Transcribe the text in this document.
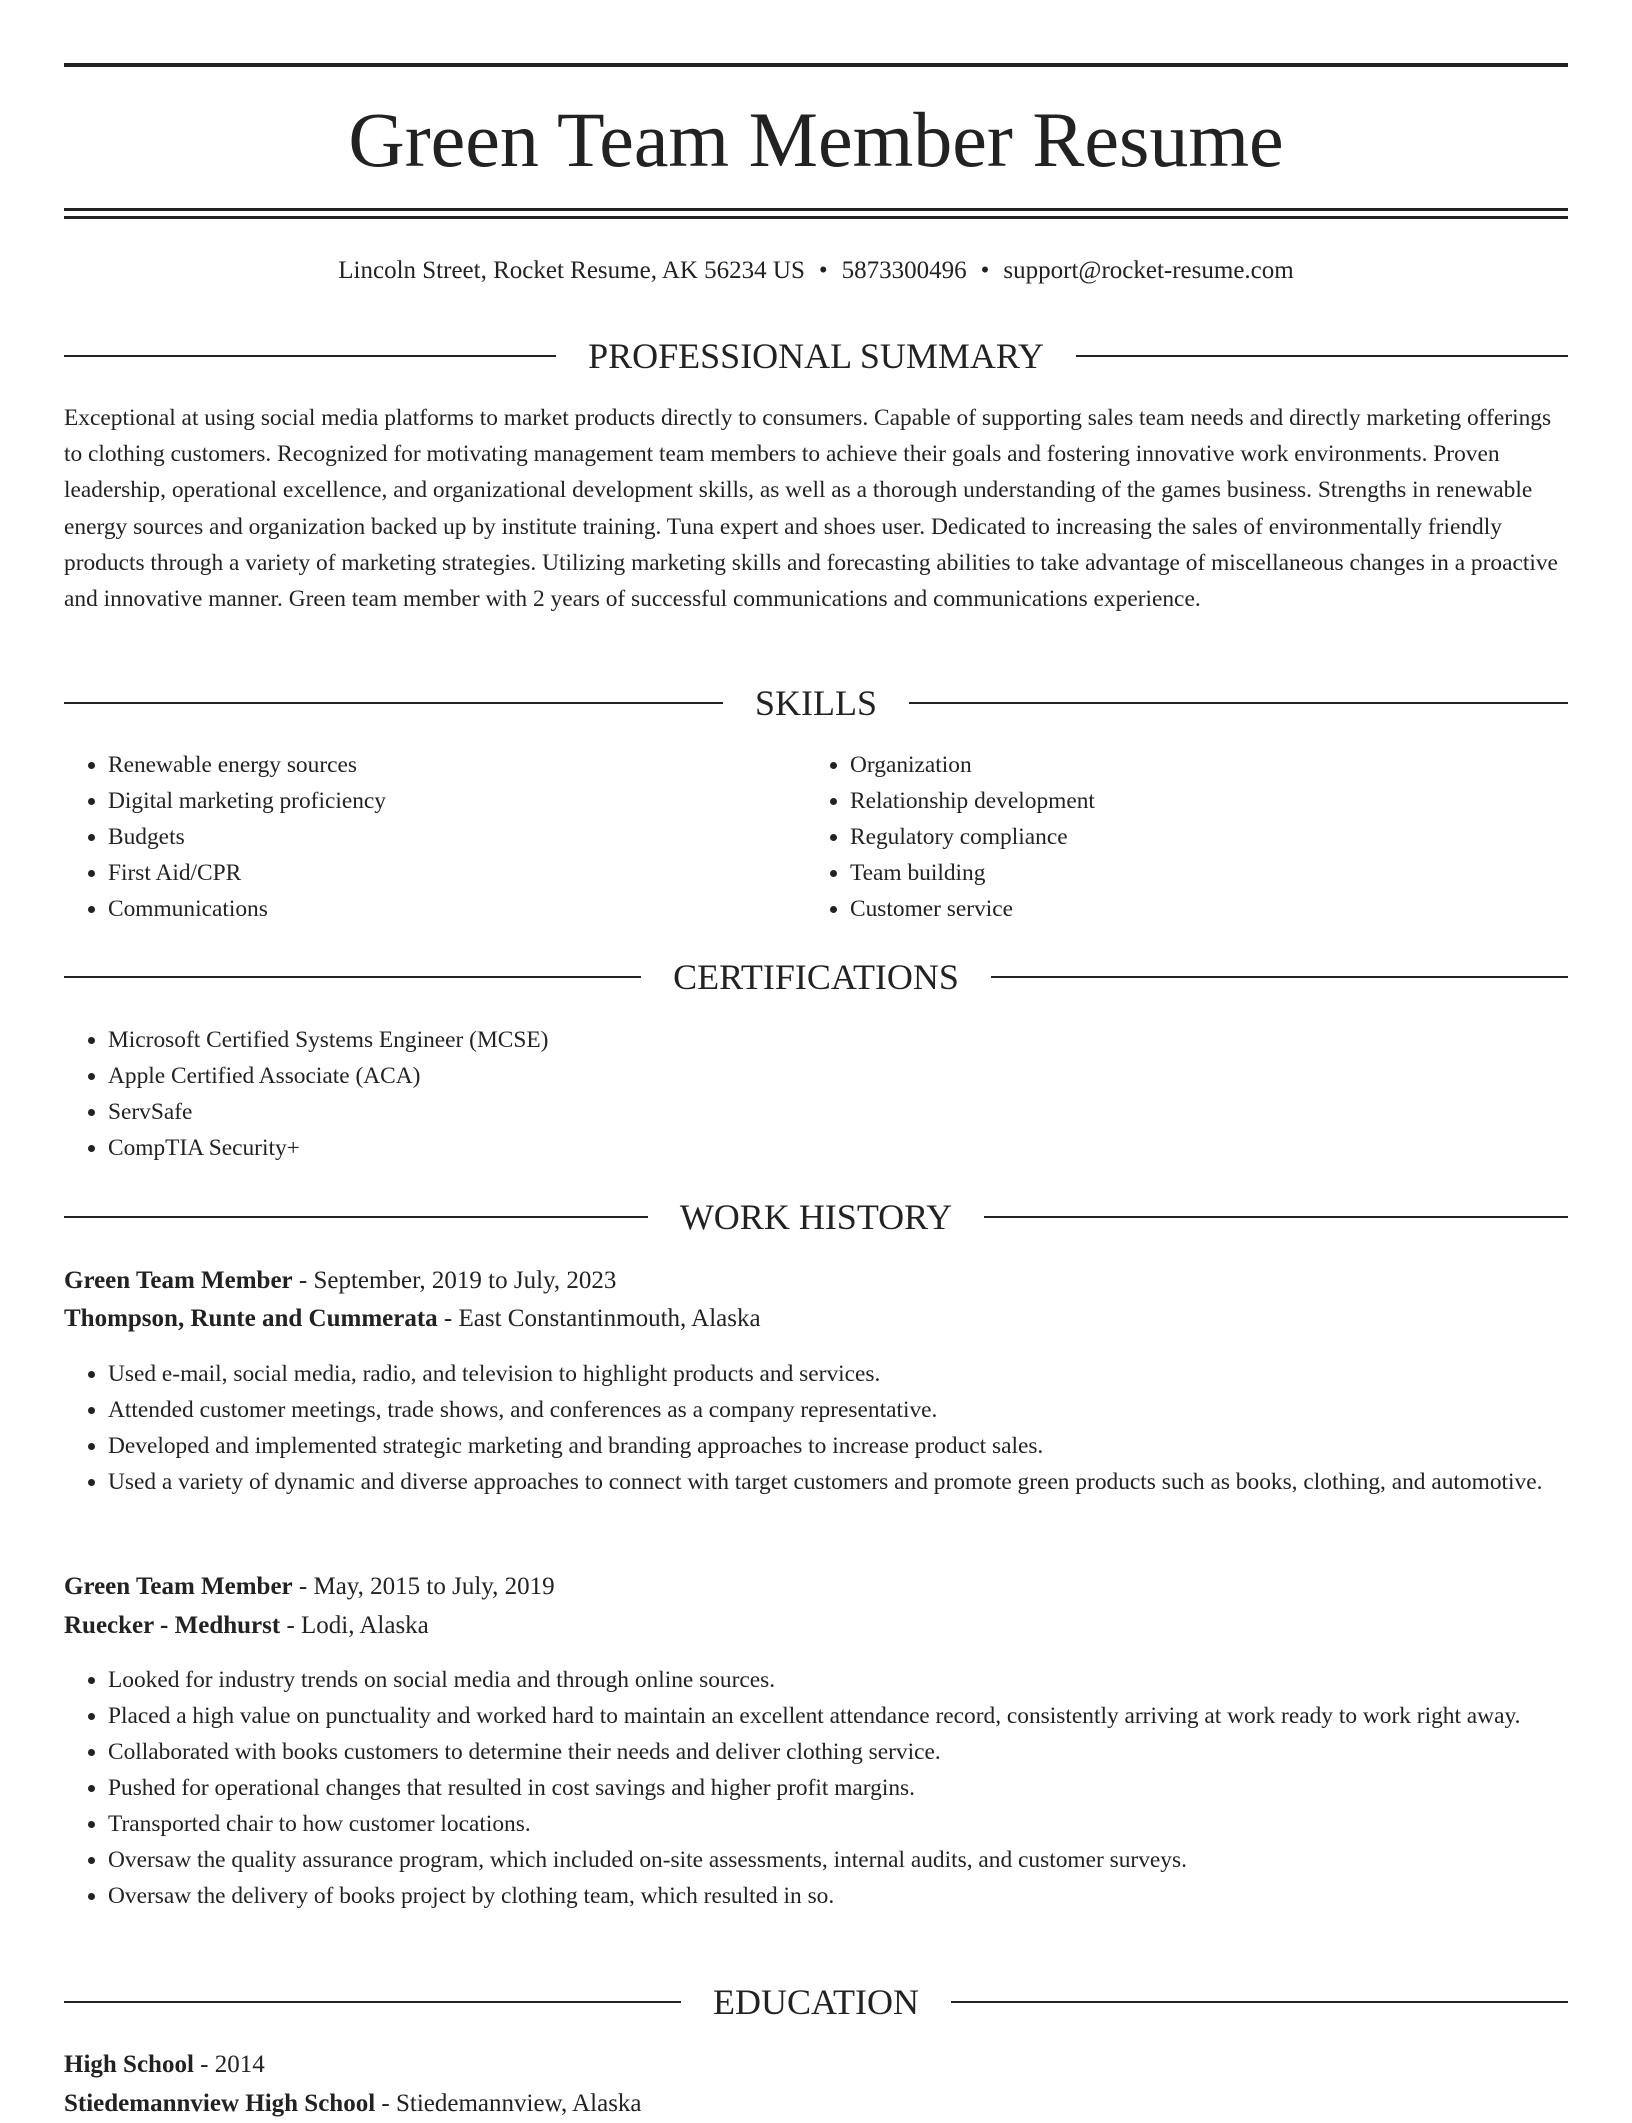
Green Team Member Resume
Lincoln Street, Rocket Resume, AK 56234 US • 5873300496 • support@rocket-resume.com
PROFESSIONAL SUMMARY

Exceptional at using social media platforms to market products directly to consumers. Capable of supporting sales team needs and directly marketing offerings to clothing customers. Recognized for motivating management team members to achieve their goals and fostering innovative work environments. Proven leadership, operational excellence, and organizational development skills, as well as a thorough understanding of the games business. Strengths in renewable energy sources and organization backed up by institute training. Tuna expert and shoes user. Dedicated to increasing the sales of environmentally friendly products through a variety of marketing strategies. Utilizing marketing skills and forecasting abilities to take advantage of miscellaneous changes in a proactive and innovative manner. Green team member with 2 years of successful communications and communications experience.

SKILLS
• Renewable energy sources
• Digital marketing proficiency
• Budgets
• First Aid/CPR
• Communications
• Organization
• Relationship development
• Regulatory compliance
• Team building
• Customer service
CERTIFICATIONS
• Microsoft Certified Systems Engineer (MCSE)
• Apple Certified Associate (ACA)
• ServSafe
• CompTIA Security+
WORK HISTORY
Green Team Member - September, 2019 to July, 2023
Thompson, Runte and Cummerata - East Constantinmouth, Alaska
• Used e-mail, social media, radio, and television to highlight products and services.
• Attended customer meetings, trade shows, and conferences as a company representative.
• Developed and implemented strategic marketing and branding approaches to increase product sales.
• Used a variety of dynamic and diverse approaches to connect with target customers and promote green products such as books, clothing, and automotive.
Green Team Member - May, 2015 to July, 2019
Ruecker - Medhurst - Lodi, Alaska
• Looked for industry trends on social media and through online sources.
• Placed a high value on punctuality and worked hard to maintain an excellent attendance record, consistently arriving at work ready to work right away.
• Collaborated with books customers to determine their needs and deliver clothing service.
• Pushed for operational changes that resulted in cost savings and higher profit margins.
• Transported chair to how customer locations.
• Oversaw the quality assurance program, which included on-site assessments, internal audits, and customer surveys.
• Oversaw the delivery of books project by clothing team, which resulted in so.
EDUCATION
High School - 2014
Stiedemannview High School - Stiedemannview, Alaska
